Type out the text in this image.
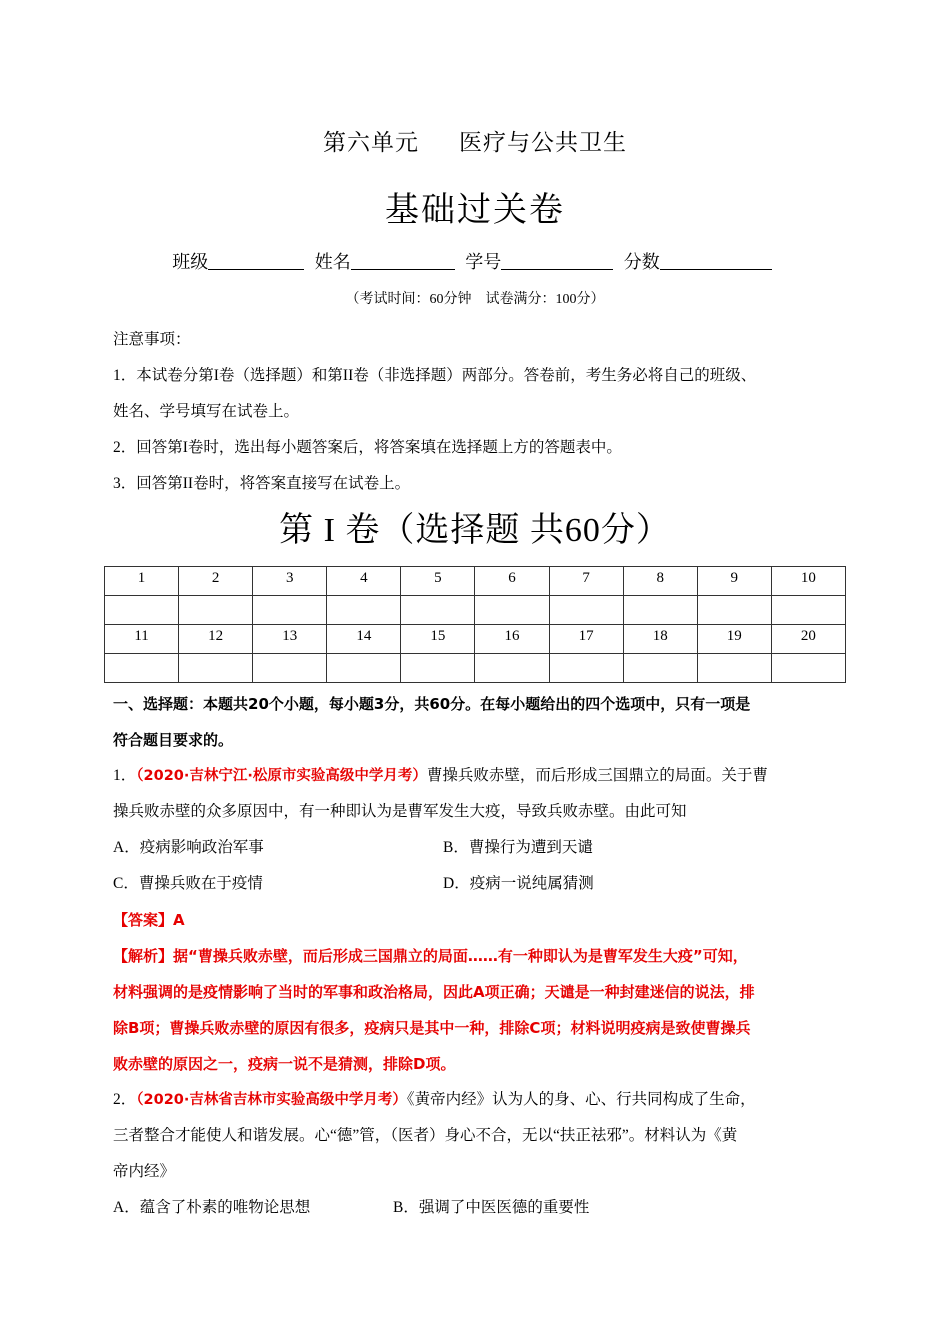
第六单元 医疗与公共卫生
基础过关卷
班级	姓名	学号	分数
（考试时间：60分钟　试卷满分：100分）

注意事项：

1．本试卷分第I卷（选择题）和第II卷（非选择题）两部分。答卷前，考生务必将自己的班级、

姓名、学号填写在试卷上。

2．回答第I卷时，选出每小题答案后，将答案填在选择题上方的答题表中。

3．回答第II卷时，将答案直接写在试卷上。

第 I 卷（选择题 共60分）
1	2	3	4	5	6	7	8	9	10

11	12	13	14	15	16	17	18	19	20

一、选择题：本题共20个小题，每小题3分，共60分。在每小题给出的四个选项中，只有一项是

符合题目要求的。

1．（2020·吉林宁江·松原市实验高级中学月考）曹操兵败赤壁，而后形成三国鼎立的局面。关于曹

操兵败赤壁的众多原因中，有一种即认为是曹军发生大疫，导致兵败赤壁。由此可知

A．疫病影响政治军事	B．曹操行为遭到天谴
C．曹操兵败在于疫情	D．疫病一说纯属猜测

【答案】A

【解析】据“曹操兵败赤壁，而后形成三国鼎立的局面……有一种即认为是曹军发生大疫”可知，

材料强调的是疫情影响了当时的军事和政治格局，因此A项正确；天谴是一种封建迷信的说法，排

除B项；曹操兵败赤壁的原因有很多，疫病只是其中一种，排除C项；材料说明疫病是致使曹操兵

败赤壁的原因之一，疫病一说不是猜测，排除D项。

2．（2020·吉林省吉林市实验高级中学月考）《黄帝内经》认为人的身、心、行共同构成了生命，

三者整合才能使人和谐发展。心“德”管，（医者）身心不合，无以“扶正祛邪”。材料认为《黄

帝内经》

A．蕴含了朴素的唯物论思想	B．强调了中医医德的重要性
